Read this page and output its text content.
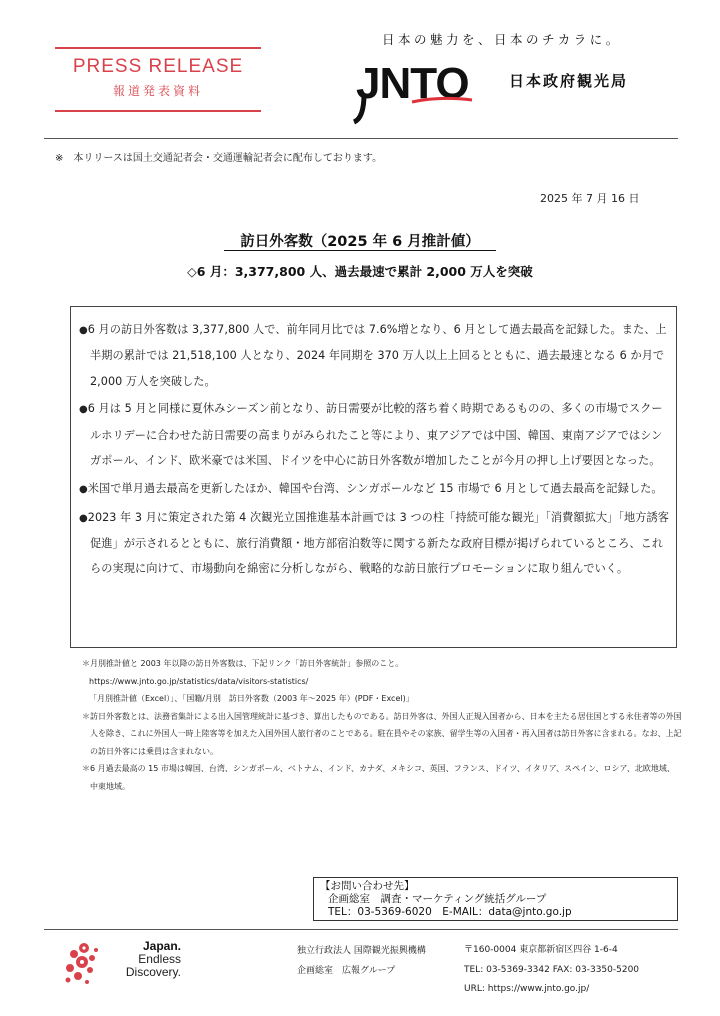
PRESS RELEASE
報道発表資料
日本の魅力を、日本のチカラに。
JNTO	日本政府観光局
※　本リリースは国土交通記者会・交通運輸記者会に配布しております。
2025 年 7 月 16 日
訪日外客数（2025 年 6 月推計値）
◇6 月：3,377,800 人、過去最速で累計 2,000 万人を突破
● 6 月の訪日外客数は 3,377,800 人で、前年同月比では 7.6%増となり、6 月として過去最高を記録した。また、上半期の累計では 21,518,100 人となり、2024 年同期を 370 万人以上上回るとともに、過去最速となる 6 か月で 2,000 万人を突破した。
● 6 月は 5 月と同様に夏休みシーズン前となり、訪日需要が比較的落ち着く時期であるものの、多くの市場でスクールホリデーに合わせた訪日需要の高まりがみられたこと等により、東アジアでは中国、韓国、東南アジアではシンガポール、インド、欧米豪では米国、ドイツを中心に訪日外客数が増加したことが今月の押し上げ要因となった。
● 米国で単月過去最高を更新したほか、韓国や台湾、シンガポールなど 15 市場で 6 月として過去最高を記録した。
● 2023 年 3 月に策定された第 4 次観光立国推進基本計画では 3 つの柱「持続可能な観光」「消費額拡大」「地方誘客促進」が示されるとともに、旅行消費額・地方部宿泊数等に関する新たな政府目標が掲げられているところ、これらの実現に向けて、市場動向を綿密に分析しながら、戦略的な訪日旅行プロモーションに取り組んでいく。

＊月別推計値と 2003 年以降の訪日外客数は、下記リンク「訪日外客統計」参照のこと。

https://www.jnto.go.jp/statistics/data/visitors-statistics/

「月別推計値（Excel）」、「国籍/月別　訪日外客数（2003 年～2025 年）(PDF・Excel)」

＊訪日外客数とは、法務省集計による出入国管理統計に基づき、算出したものである。訪日外客は、外国人正規入国者から、日本を主たる居住国とする永住者等の外国人を除き、これに外国人一時上陸客等を加えた入国外国人旅行者のことである。駐在員やその家族、留学生等の入国者・再入国者は訪日外客に含まれる。なお、上記の訪日外客には乗員は含まれない。

＊6 月過去最高の 15 市場は韓国、台湾、シンガポール、ベトナム、インド、カナダ、メキシコ、英国、フランス、ドイツ、イタリア、スペイン、ロシア、北欧地域、中東地域。

【お問い合わせ先】
企画総室　調査・マーケティング統括グループ
TEL：03-5369-6020　E-MAIL：data@jnto.go.jp
Japan.
Endless
Discovery.
独立行政法人 国際観光振興機構
企画総室　広報グループ
〒160-0004 東京都新宿区四谷 1-6-4
TEL: 03-5369-3342 FAX: 03-3350-5200
URL: https://www.jnto.go.jp/
